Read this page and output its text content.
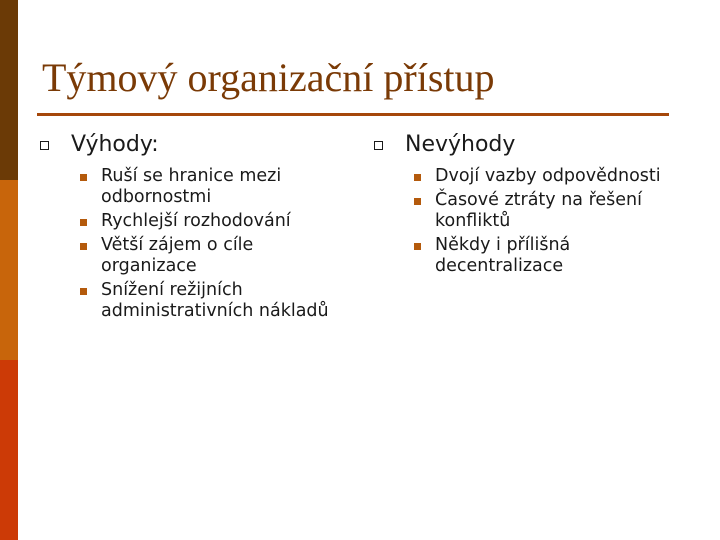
Týmový organizační přístup
Výhody:
Ruší se hranice mezi odbornostmi
Rychlejší rozhodování
Větší zájem o cíle organizace
Snížení režijních administrativních nákladů
Nevýhody
Dvojí vazby odpovědnosti
Časové ztráty na řešení konfliktů
Někdy i přílišná decentralizace
